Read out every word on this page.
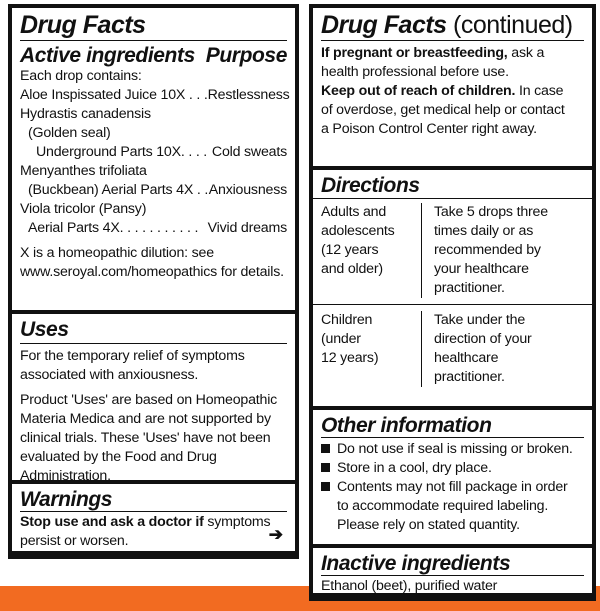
Drug Facts
Active ingredients Purpose
Each drop contains:
Aloe Inspissated Juice 10X . . . Restlessness
Hydrastis canadensis
(Golden seal)
Underground Parts 10X. . . . Cold sweats
Menyanthes trifoliata
(Buckbean) Aerial Parts 4X . . Anxiousness
Viola tricolor (Pansy)
Aerial Parts 4X. . . . . . . . . . . Vivid dreams
X is a homeopathic dilution: see
www.seroyal.com/homeopathics for details.
Uses
For the temporary relief of symptoms
associated with anxiousness.
Product 'Uses' are based on Homeopathic
Materia Medica and are not supported by
clinical trials. These 'Uses' have not been
evaluated by the Food and Drug
Administration.
Warnings
Stop use and ask a doctor if symptoms
persist or worsen.	➔
Drug Facts (continued)
If pregnant or breastfeeding, ask a
health professional before use.
Keep out of reach of children. In case
of overdose, get medical help or contact
a Poison Control Center right away.
Directions
Adults and
adolescents
(12 years
and older)
Take 5 drops three
times daily or as
recommended by
your healthcare
practitioner.
Children
(under
12 years)
Take under the
direction of your
healthcare
practitioner.
Other information
Do not use if seal is missing or broken.
Store in a cool, dry place.
Contents may not fill package in order
to accommodate required labeling.
Please rely on stated quantity.
Inactive ingredients
Ethanol (beet), purified water
